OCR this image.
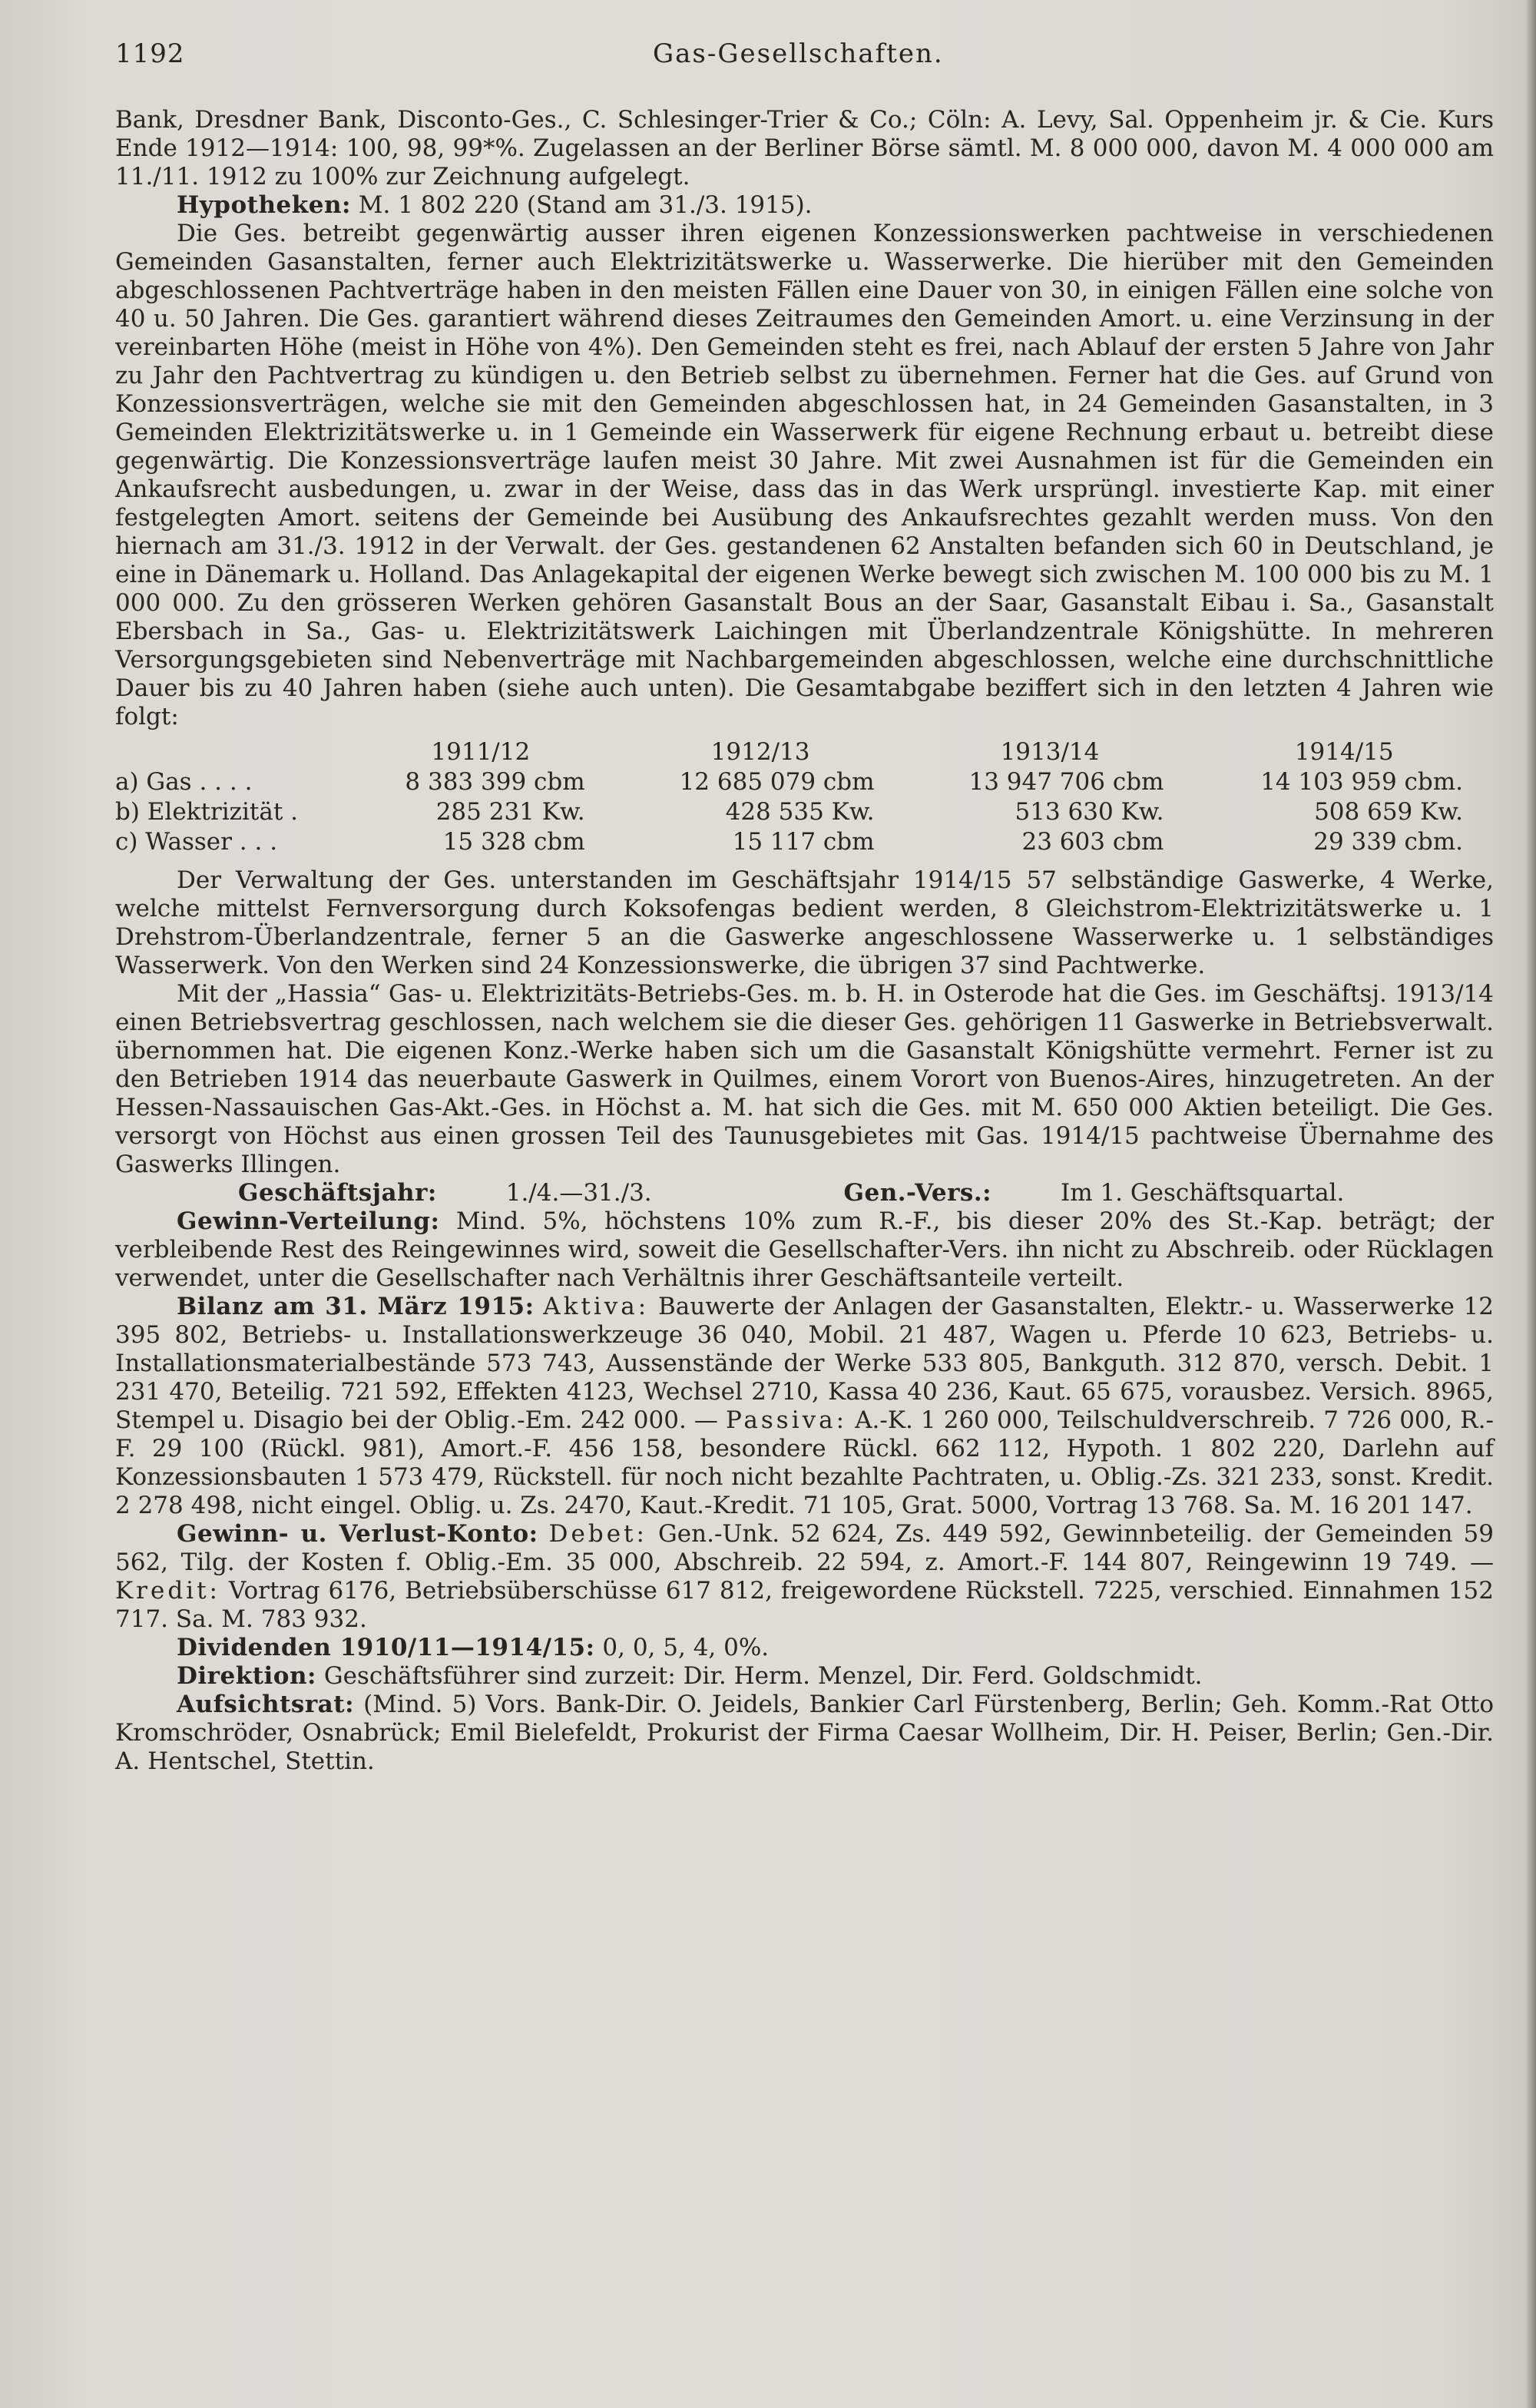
1192	Gas-Gesellschaften.

Bank, Dresdner Bank, Disconto-Ges., C. Schlesinger-Trier & Co.; Cöln: A. Levy, Sal. Oppenheim jr. & Cie. Kurs Ende 1912—1914: 100, 98, 99*%. Zugelassen an der Berliner Börse sämtl. M. 8 000 000, davon M. 4 000 000 am 11./11. 1912 zu 100% zur Zeichnung aufgelegt.

Hypotheken: M. 1 802 220 (Stand am 31./3. 1915).

Die Ges. betreibt gegenwärtig ausser ihren eigenen Konzessionswerken pachtweise in verschiedenen Gemeinden Gasanstalten, ferner auch Elektrizitätswerke u. Wasserwerke. Die hierüber mit den Gemeinden abgeschlossenen Pachtverträge haben in den meisten Fällen eine Dauer von 30, in einigen Fällen eine solche von 40 u. 50 Jahren. Die Ges. garantiert während dieses Zeitraumes den Gemeinden Amort. u. eine Verzinsung in der vereinbarten Höhe (meist in Höhe von 4%). Den Gemeinden steht es frei, nach Ablauf der ersten 5 Jahre von Jahr zu Jahr den Pachtvertrag zu kündigen u. den Betrieb selbst zu übernehmen. Ferner hat die Ges. auf Grund von Konzessionsverträgen, welche sie mit den Gemeinden abgeschlossen hat, in 24 Gemeinden Gasanstalten, in 3 Gemeinden Elektrizitätswerke u. in 1 Gemeinde ein Wasserwerk für eigene Rechnung erbaut u. betreibt diese gegenwärtig. Die Konzessionsverträge laufen meist 30 Jahre. Mit zwei Ausnahmen ist für die Gemeinden ein Ankaufsrecht ausbedungen, u. zwar in der Weise, dass das in das Werk ursprüngl. investierte Kap. mit einer festgelegten Amort. seitens der Gemeinde bei Ausübung des Ankaufsrechtes gezahlt werden muss. Von den hiernach am 31./3. 1912 in der Verwalt. der Ges. gestandenen 62 Anstalten befanden sich 60 in Deutschland, je eine in Dänemark u. Holland. Das Anlagekapital der eigenen Werke bewegt sich zwischen M. 100 000 bis zu M. 1 000 000. Zu den grösseren Werken gehören Gasanstalt Bous an der Saar, Gasanstalt Eibau i. Sa., Gasanstalt Ebersbach in Sa., Gas- u. Elektrizitätswerk Laichingen mit Überlandzentrale Königshütte. In mehreren Versorgungsgebieten sind Nebenverträge mit Nachbargemeinden abgeschlossen, welche eine durchschnittliche Dauer bis zu 40 Jahren haben (siehe auch unten). Die Gesamtabgabe beziffert sich in den letzten 4 Jahren wie folgt:

	1911/12	1912/13	1913/14	1914/15
a) Gas . . . .	8 383 399 cbm	12 685 079 cbm	13 947 706 cbm	14 103 959 cbm.
b) Elektrizität .	285 231 Kw.	428 535 Kw.	513 630 Kw.	508 659 Kw.
c) Wasser . . .	15 328 cbm	15 117 cbm	23 603 cbm	29 339 cbm.

Der Verwaltung der Ges. unterstanden im Geschäftsjahr 1914/15 57 selbständige Gaswerke, 4 Werke, welche mittelst Fernversorgung durch Koksofengas bedient werden, 8 Gleichstrom-Elektrizitätswerke u. 1 Drehstrom-Überlandzentrale, ferner 5 an die Gaswerke angeschlossene Wasserwerke u. 1 selbständiges Wasserwerk. Von den Werken sind 24 Konzessionswerke, die übrigen 37 sind Pachtwerke.

Mit der „Hassia“ Gas- u. Elektrizitäts-Betriebs-Ges. m. b. H. in Osterode hat die Ges. im Geschäftsj. 1913/14 einen Betriebsvertrag geschlossen, nach welchem sie die dieser Ges. gehörigen 11 Gaswerke in Betriebsverwalt. übernommen hat. Die eigenen Konz.-Werke haben sich um die Gasanstalt Königshütte vermehrt. Ferner ist zu den Betrieben 1914 das neuerbaute Gaswerk in Quilmes, einem Vorort von Buenos-Aires, hinzugetreten. An der Hessen-Nassauischen Gas-Akt.-Ges. in Höchst a. M. hat sich die Ges. mit M. 650 000 Aktien beteiligt. Die Ges. versorgt von Höchst aus einen grossen Teil des Taunusgebietes mit Gas. 1914/15 pachtweise Übernahme des Gaswerks Illingen.

Geschäftsjahr:	1./4.—31./3.	Gen.-Vers.:	Im 1. Geschäftsquartal.

Gewinn-Verteilung: Mind. 5%, höchstens 10% zum R.-F., bis dieser 20% des St.-Kap. beträgt; der verbleibende Rest des Reingewinnes wird, soweit die Gesellschafter-Vers. ihn nicht zu Abschreib. oder Rücklagen verwendet, unter die Gesellschafter nach Verhältnis ihrer Geschäftsanteile verteilt.

Bilanz am 31. März 1915: Aktiva: Bauwerte der Anlagen der Gasanstalten, Elektr.- u. Wasserwerke 12 395 802, Betriebs- u. Installationswerkzeuge 36 040, Mobil. 21 487, Wagen u. Pferde 10 623, Betriebs- u. Installationsmaterialbestände 573 743, Aussenstände der Werke 533 805, Bankguth. 312 870, versch. Debit. 1 231 470, Beteilig. 721 592, Effekten 4123, Wechsel 2710, Kassa 40 236, Kaut. 65 675, vorausbez. Versich. 8965, Stempel u. Disagio bei der Oblig.-Em. 242 000. — Passiva: A.-K. 1 260 000, Teilschuldverschreib. 7 726 000, R.-F. 29 100 (Rückl. 981), Amort.-F. 456 158, besondere Rückl. 662 112, Hypoth. 1 802 220, Darlehn auf Konzessionsbauten 1 573 479, Rückstell. für noch nicht bezahlte Pachtraten, u. Oblig.-Zs. 321 233, sonst. Kredit. 2 278 498, nicht eingel. Oblig. u. Zs. 2470, Kaut.-Kredit. 71 105, Grat. 5000, Vortrag 13 768. Sa. M. 16 201 147.

Gewinn- u. Verlust-Konto: Debet: Gen.-Unk. 52 624, Zs. 449 592, Gewinnbeteilig. der Gemeinden 59 562, Tilg. der Kosten f. Oblig.-Em. 35 000, Abschreib. 22 594, z. Amort.-F. 144 807, Reingewinn 19 749. — Kredit: Vortrag 6176, Betriebsüberschüsse 617 812, freigewordene Rückstell. 7225, verschied. Einnahmen 152 717. Sa. M. 783 932.

Dividenden 1910/11—1914/15: 0, 0, 5, 4, 0%.

Direktion: Geschäftsführer sind zurzeit: Dir. Herm. Menzel, Dir. Ferd. Goldschmidt.

Aufsichtsrat: (Mind. 5) Vors. Bank-Dir. O. Jeidels, Bankier Carl Fürstenberg, Berlin; Geh. Komm.-Rat Otto Kromschröder, Osnabrück; Emil Bielefeldt, Prokurist der Firma Caesar Wollheim, Dir. H. Peiser, Berlin; Gen.-Dir. A. Hentschel, Stettin.
